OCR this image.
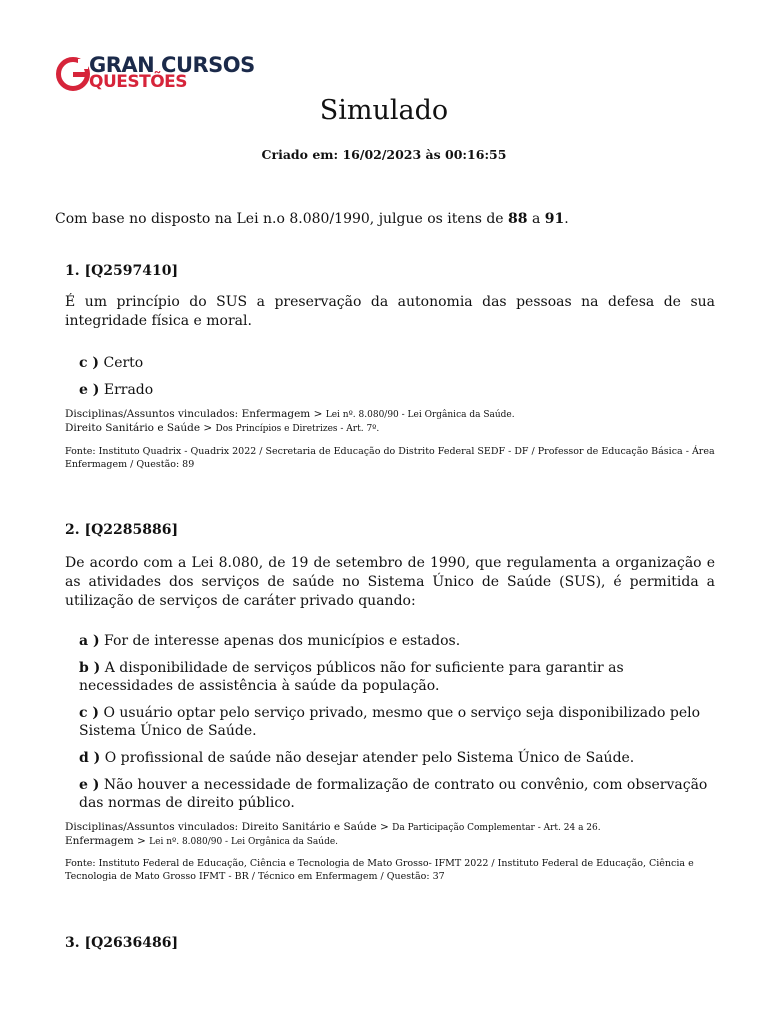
GRAN CURSOS
QUESTÕES
Simulado
Criado em: 16/02/2023 às 00:16:55
Com base no disposto na Lei n.o 8.080/1990, julgue os itens de 88 a 91.
1. [Q2597410]
É um princípio do SUS a preservação da autonomia das pessoas na defesa de sua integridade física e moral.
c ) Certo
e ) Errado
Disciplinas/Assuntos vinculados: Enfermagem > Lei nº. 8.080/90 - Lei Orgânica da Saúde.
Direito Sanitário e Saúde > Dos Princípios e Diretrizes - Art. 7º.
Fonte: Instituto Quadrix - Quadrix 2022 / Secretaria de Educação do Distrito Federal SEDF - DF / Professor de Educação Básica - Área Enfermagem / Questão: 89
2. [Q2285886]
De acordo com a Lei 8.080, de 19 de setembro de 1990, que regulamenta a organização e as atividades dos serviços de saúde no Sistema Único de Saúde (SUS), é permitida a utilização de serviços de caráter privado quando:
a ) For de interesse apenas dos municípios e estados.
b ) A disponibilidade de serviços públicos não for suficiente para garantir as necessidades de assistência à saúde da população.
c ) O usuário optar pelo serviço privado, mesmo que o serviço seja disponibilizado pelo Sistema Único de Saúde.
d ) O profissional de saúde não desejar atender pelo Sistema Único de Saúde.
e ) Não houver a necessidade de formalização de contrato ou convênio, com observação das normas de direito público.
Disciplinas/Assuntos vinculados: Direito Sanitário e Saúde > Da Participação Complementar - Art. 24 a 26.
Enfermagem > Lei nº. 8.080/90 - Lei Orgânica da Saúde.
Fonte: Instituto Federal de Educação, Ciência e Tecnologia de Mato Grosso- IFMT 2022 / Instituto Federal de Educação, Ciência e Tecnologia de Mato Grosso IFMT - BR / Técnico em Enfermagem / Questão: 37
3. [Q2636486]
